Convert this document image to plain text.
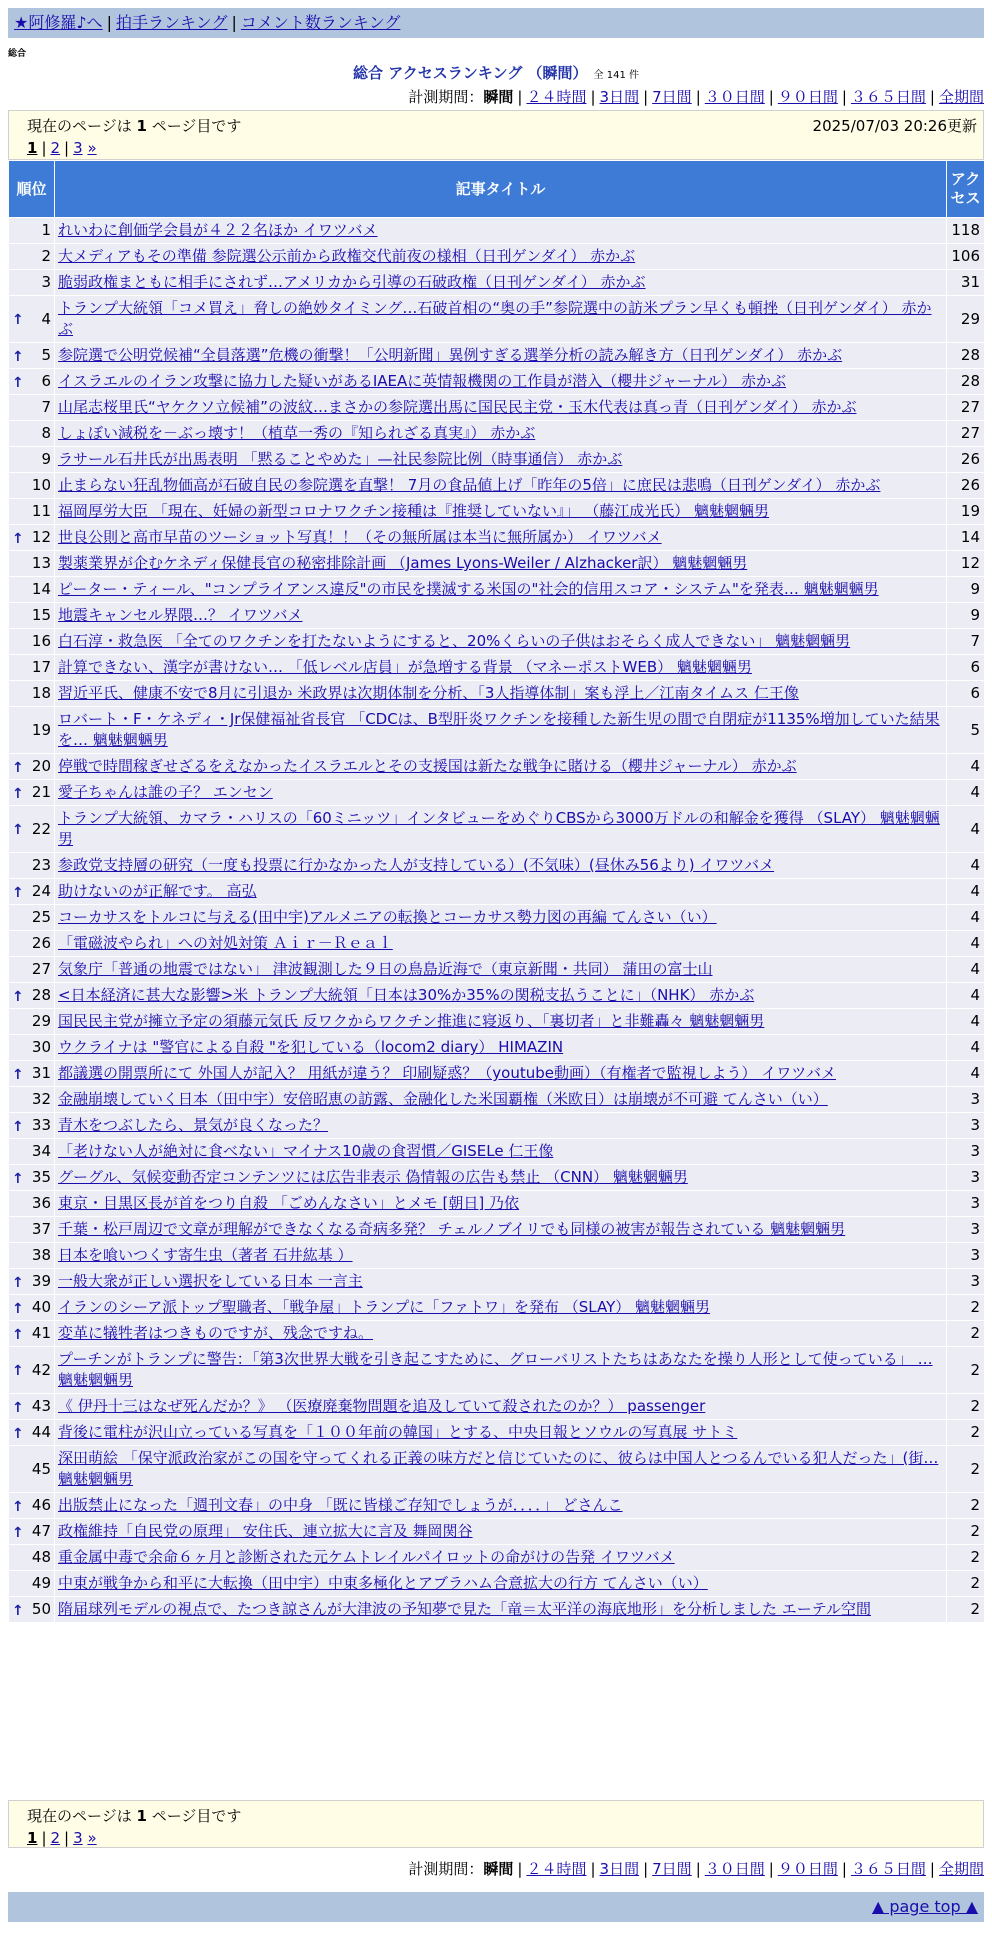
★阿修羅♪へ | 拍手ランキング | コメント数ランキング
総合
総合 アクセスランキング （瞬間） 全 141 件
計測期間：瞬間 | ２４時間 | 3日間 | 7日間 | ３０日間 | ９０日間 | ３６５日間 | 全期間
現在のページは 1 ページ目です	2025/07/03 20:26更新
1 | 2 | 3 »
順位	記事タイトル	アクセス
1	れいわに創価学会員が４２２名ほか イワツバメ	118
2	大メディアもその準備 参院選公示前から政権交代前夜の様相（日刊ゲンダイ） 赤かぶ	106
3	脆弱政権まともに相手にされず…アメリカから引導の石破政権（日刊ゲンダイ） 赤かぶ	31

↑ 4	トランプ大統領「コメ買え」脅しの絶妙タイミング…石破首相の“奥の手”参院選中の訪米プラン早くも頓挫（日刊ゲンダイ） 赤かぶ	29

↑ 5	参院選で公明党候補“全員落選”危機の衝撃！「公明新聞」異例すぎる選挙分析の読み解き方（日刊ゲンダイ） 赤かぶ	28

↑ 6	イスラエルのイラン攻撃に協力した疑いがあるIAEAに英情報機関の工作員が潜入（櫻井ジャーナル） 赤かぶ	28
7	山尾志桜里氏“ヤケクソ立候補”の波紋…まさかの参院選出馬に国民民主党・玉木代表は真っ青（日刊ゲンダイ） 赤かぶ	27
8	しょぼい減税を－ぶっ壊す！（植草一秀の『知られざる真実』） 赤かぶ	27
9	ラサール石井氏が出馬表明 「黙ることやめた」—社民参院比例（時事通信） 赤かぶ	26
10	止まらない狂乱物価高が石破自民の参院選を直撃！ 7月の食品値上げ「昨年の5倍」に庶民は悲鳴（日刊ゲンダイ） 赤かぶ	26
11	福岡厚労大臣 「現在、妊婦の新型コロナワクチン接種は『推奨していない』」 （藤江成光氏） 魑魅魍魎男	19

↑ 12	世良公則と高市早苗のツーショット写真！！（その無所属は本当に無所属か） イワツバメ	14
13	製薬業界が企むケネディ保健長官の秘密排除計画 （James Lyons-Weiler / Alzhacker訳） 魑魅魍魎男	12
14	ピーター・ティール、"コンプライアンス違反"の市民を撲滅する米国の"社会的信用スコア・システム"を発表… 魑魅魍魎男	9
15	地震キャンセル界隈…？ イワツバメ	9
16	白石淳・救急医 「全てのワクチンを打たないようにすると、20%くらいの子供はおそらく成人できない」 魑魅魍魎男	7
17	計算できない、漢字が書けない… 「低レベル店員」が急増する背景 （マネーポストWEB） 魑魅魍魎男	6
18	習近平氏、健康不安で8月に引退か 米政界は次期体制を分析、「3人指導体制」案も浮上／江南タイムス 仁王像	6
19	ロバート・F・ケネディ・Jr保健福祉省長官 「CDCは、B型肝炎ワクチンを接種した新生児の間で自閉症が1135%増加していた結果を… 魑魅魍魎男	5

↑ 20	停戦で時間稼ぎせざるをえなかったイスラエルとその支援国は新たな戦争に賭ける（櫻井ジャーナル） 赤かぶ	4

↑ 21	愛子ちゃんは誰の子？ エンセン	4

↑ 22	トランプ大統領、カマラ・ハリスの「60ミニッツ」インタビューをめぐりCBSから3000万ドルの和解金を獲得 （SLAY） 魑魅魍魎男	4
23	参政党支持層の研究（一度も投票に行かなかった人が支持している）(不気味）(昼休み56より) イワツバメ	4

↑ 24	助けないのが正解です。 高弘	4
25	コーカサスをトルコに与える(田中宇)アルメニアの転換とコーカサス勢力図の再編 てんさい（い）	4
26	「電磁波やられ」への対処対策 Ａｉｒ－Ｒｅａｌ	4
27	気象庁「普通の地震ではない」 津波観測した９日の鳥島近海で（東京新聞・共同） 蒲田の富士山	4

↑ 28	<日本経済に甚大な影響>米 トランプ大統領「日本は30%か35%の関税支払うことに」（NHK） 赤かぶ	4
29	国民民主党が擁立予定の須藤元気氏 反ワクからワクチン推進に寝返り、「裏切者」と非難轟々 魑魅魍魎男	4
30	ウクライナは "警官による自殺 "を犯している（locom2 diary） HIMAZIN	4

↑ 31	都議選の開票所にて 外国人が記入？ 用紙が違う？ 印刷疑惑？（youtube動画）（有権者で監視しよう） イワツバメ	4
32	金融崩壊していく日本（田中宇）安倍昭恵の訪露、金融化した米国覇権（米欧日）は崩壊が不可避 てんさい（い）	3

↑ 33	青木をつぶしたら、景気が良くなった？	3
34	「老けない人が絶対に食べない」マイナス10歳の食習慣／GISELe 仁王像	3

↑ 35	グーグル、気候変動否定コンテンツには広告非表示 偽情報の広告も禁止 （CNN） 魑魅魍魎男	3
36	東京・目黒区長が首をつり自殺 「ごめんなさい」とメモ [朝日] 乃依	3
37	千葉・松戸周辺で文章が理解ができなくなる奇病多発？ チェルノブイリでも同様の被害が報告されている 魑魅魍魎男	3
38	日本を喰いつくす寄生虫（著者 石井紘基 ）	3

↑ 39	一般大衆が正しい選択をしている日本 一言主	3

↑ 40	イランのシーア派トップ聖職者、「戦争屋」トランプに「ファトワ」を発布 （SLAY） 魑魅魍魎男	2

↑ 41	変革に犠牲者はつきものですが、残念ですね。	2

↑ 42	プーチンがトランプに警告：「第3次世界大戦を引き起こすために、グローバリストたちはあなたを操り人形として使っている」 … 魑魅魍魎男	2

↑ 43	《 伊丹十三はなぜ死んだか？》 （医療廃棄物問題を追及していて殺されたのか？） passenger	2

↑ 44	背後に電柱が沢山立っている写真を「１００年前の韓国」とする、中央日報とソウルの写真展 サトミ	2
45	深田萌絵 「保守派政治家がこの国を守ってくれる正義の味方だと信じていたのに、彼らは中国人とつるんでいる犯人だった」(街… 魑魅魍魎男	2

↑ 46	出版禁止になった「週刊文春」の中身 「既に皆様ご存知でしょうが．．．．」 どさんこ	2

↑ 47	政権維持「自民党の原理」 安住氏、連立拡大に言及 舞岡関谷	2
48	重金属中毒で余命６ヶ月と診断された元ケムトレイルパイロットの命がけの告発 イワツバメ	2
49	中東が戦争から和平に大転換（田中宇）中東多極化とアブラハム合意拡大の行方 てんさい（い）	2

↑ 50	隋届球列モデルの視点で、たつき諒さんが大津波の予知夢で見た「竜＝太平洋の海底地形」を分析しました エーテル空間	2
現在のページは 1 ページ目です
1 | 2 | 3 »
計測期間：瞬間 | ２４時間 | 3日間 | 7日間 | ３０日間 | ９０日間 | ３６５日間 | 全期間
▲ page top ▲
